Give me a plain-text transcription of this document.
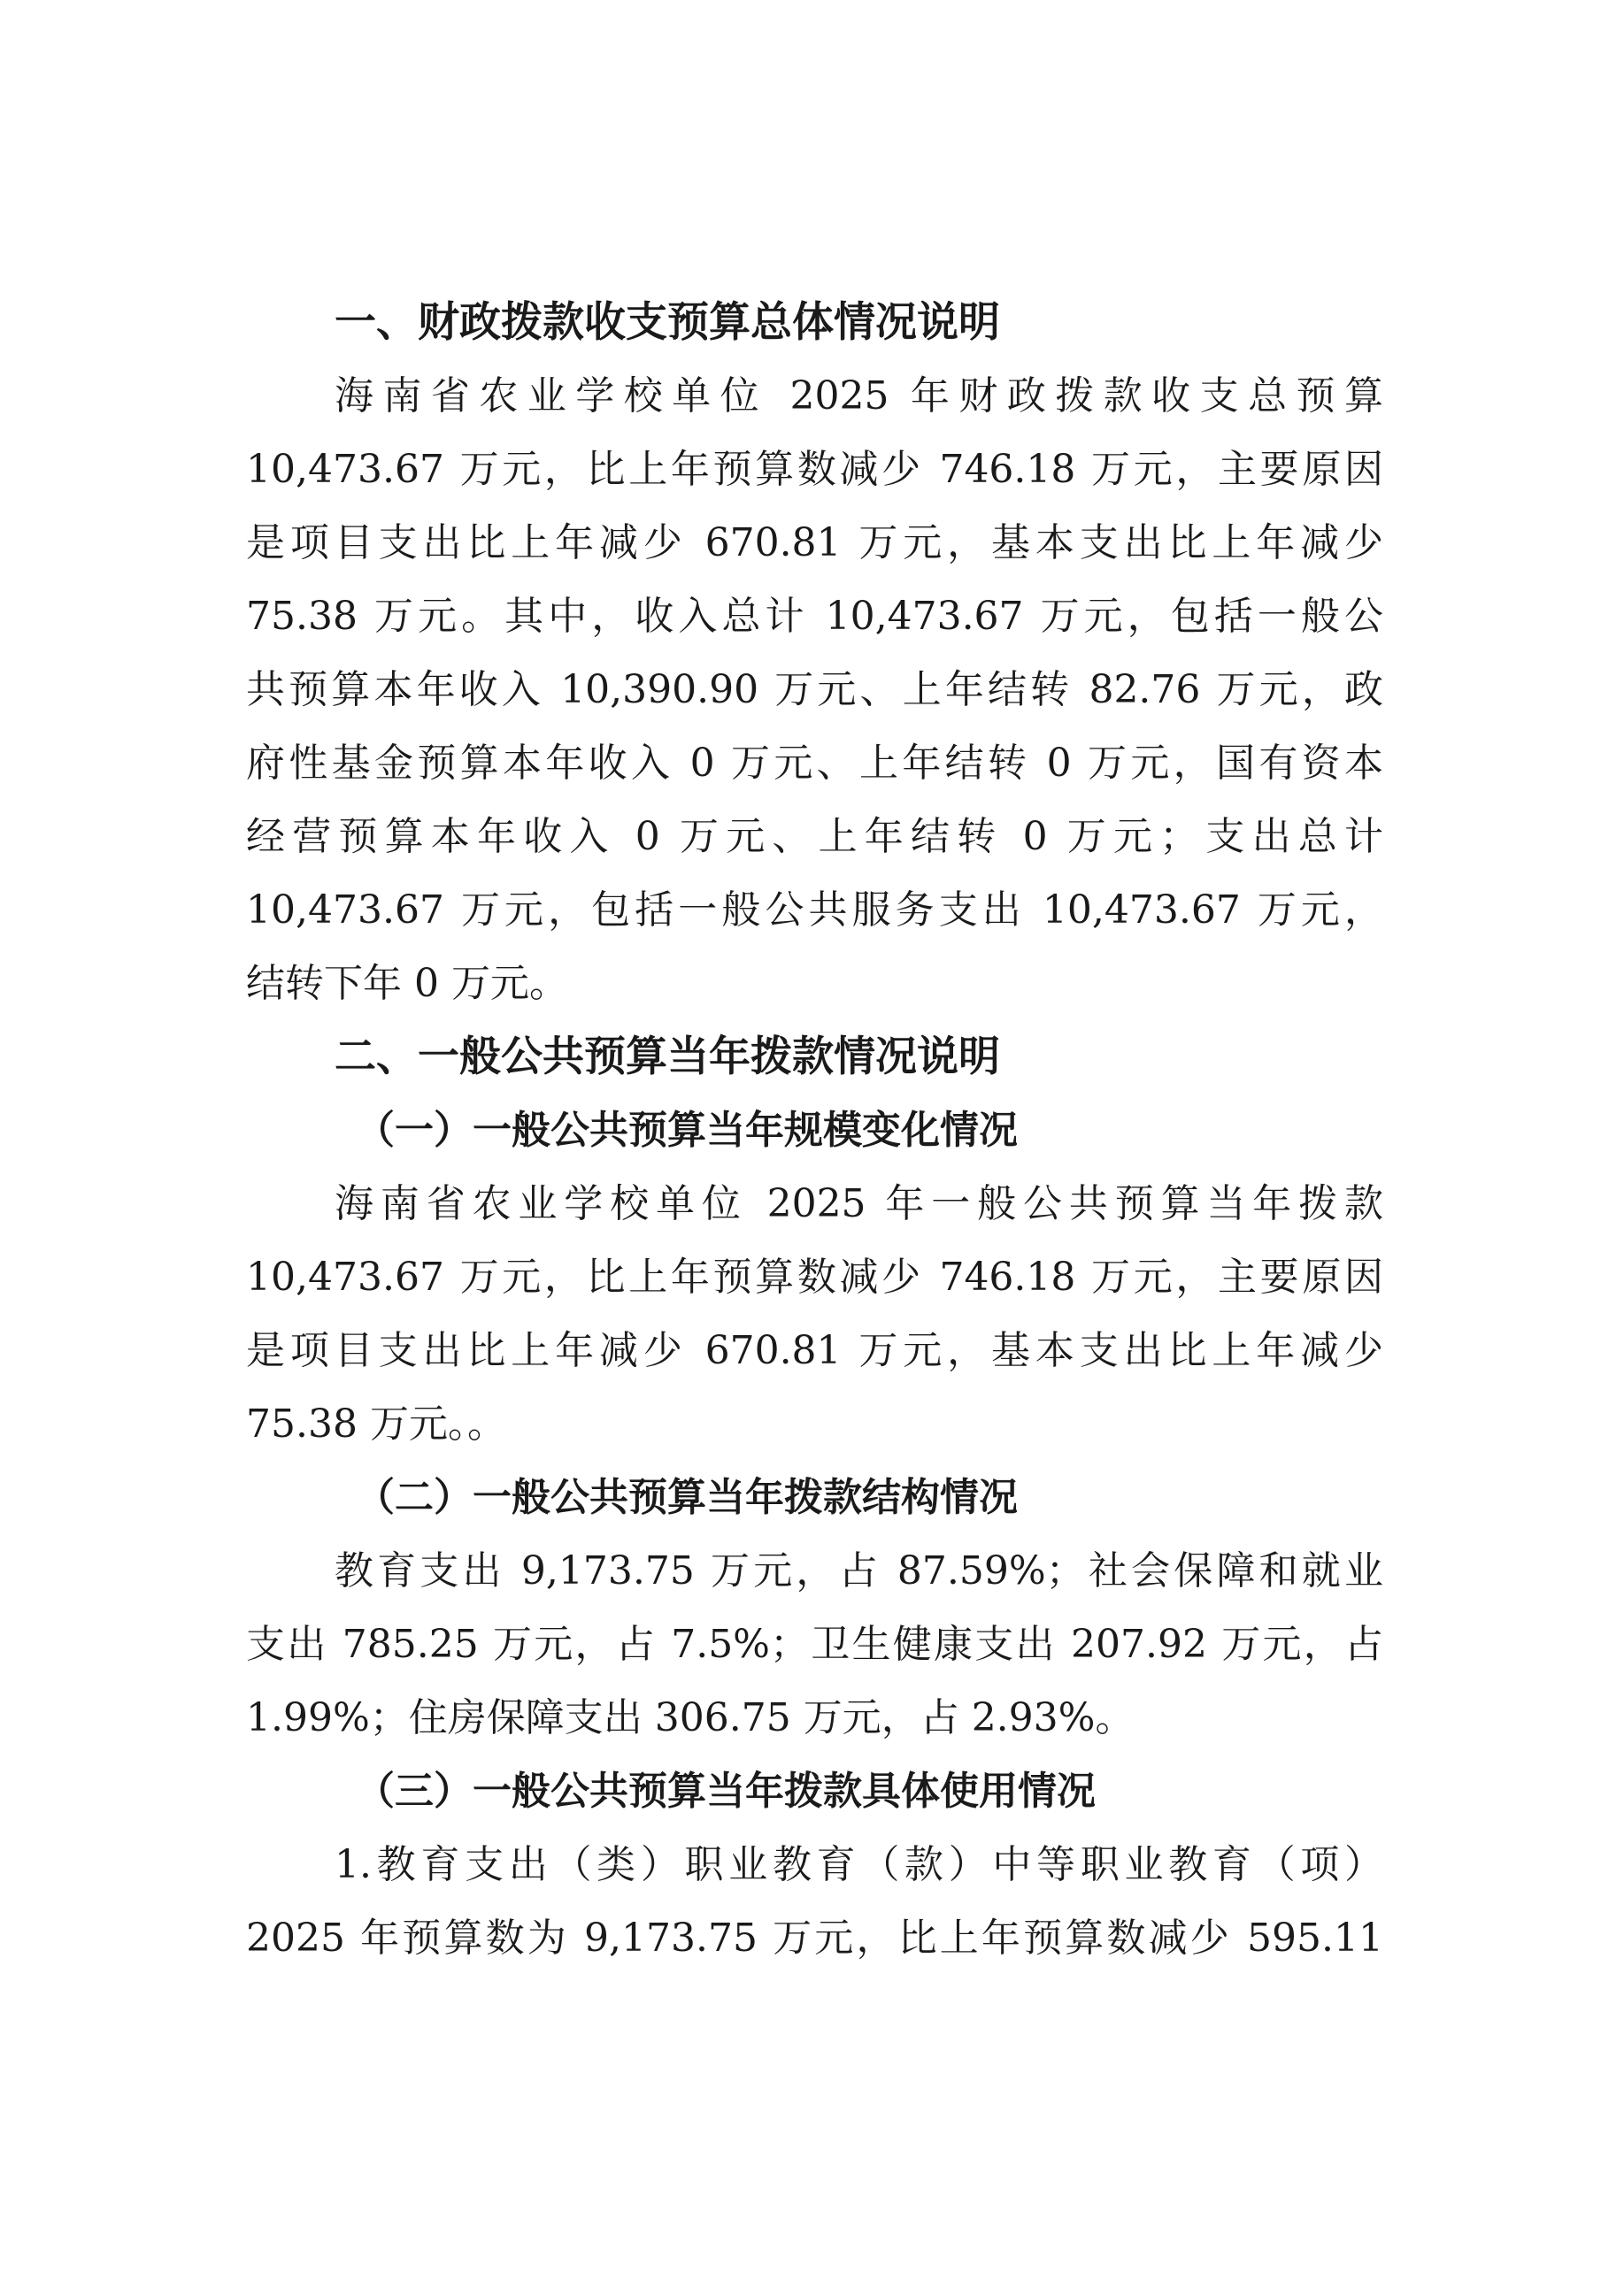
一、财政拨款收支预算总体情况说明
海南省农业学校单位 2025 年财政拨款收支总预算
10,473.67 万元，比上年预算数减少 746.18 万元，主要原因
是项目支出比上年减少 670.81 万元，基本支出比上年减少
75.38 万元。其中，收入总计 10,473.67 万元，包括一般公
共预算本年收入 10,390.90 万元、上年结转 82.76 万元，政
府性基金预算本年收入 0 万元、上年结转 0 万元，国有资本
经营预算本年收入 0 万元、上年结转 0 万元；支出总计
10,473.67 万元，包括一般公共服务支出 10,473.67 万元，
结转下年 0 万元。
二、一般公共预算当年拨款情况说明
（一）一般公共预算当年规模变化情况
海南省农业学校单位 2025 年一般公共预算当年拨款
10,473.67 万元，比上年预算数减少 746.18 万元，主要原因
是项目支出比上年减少 670.81 万元，基本支出比上年减少
75.38 万元。。
（二）一般公共预算当年拨款结构情况
教育支出 9,173.75 万元，占 87.59%；社会保障和就业
支出 785.25 万元，占 7.5%；卫生健康支出 207.92 万元，占
1.99%；住房保障支出 306.75 万元，占 2.93%。
（三）一般公共预算当年拨款具体使用情况
1.教育支出（类）职业教育（款）中等职业教育（项）
2025 年预算数为 9,173.75 万元，比上年预算数减少 595.11
